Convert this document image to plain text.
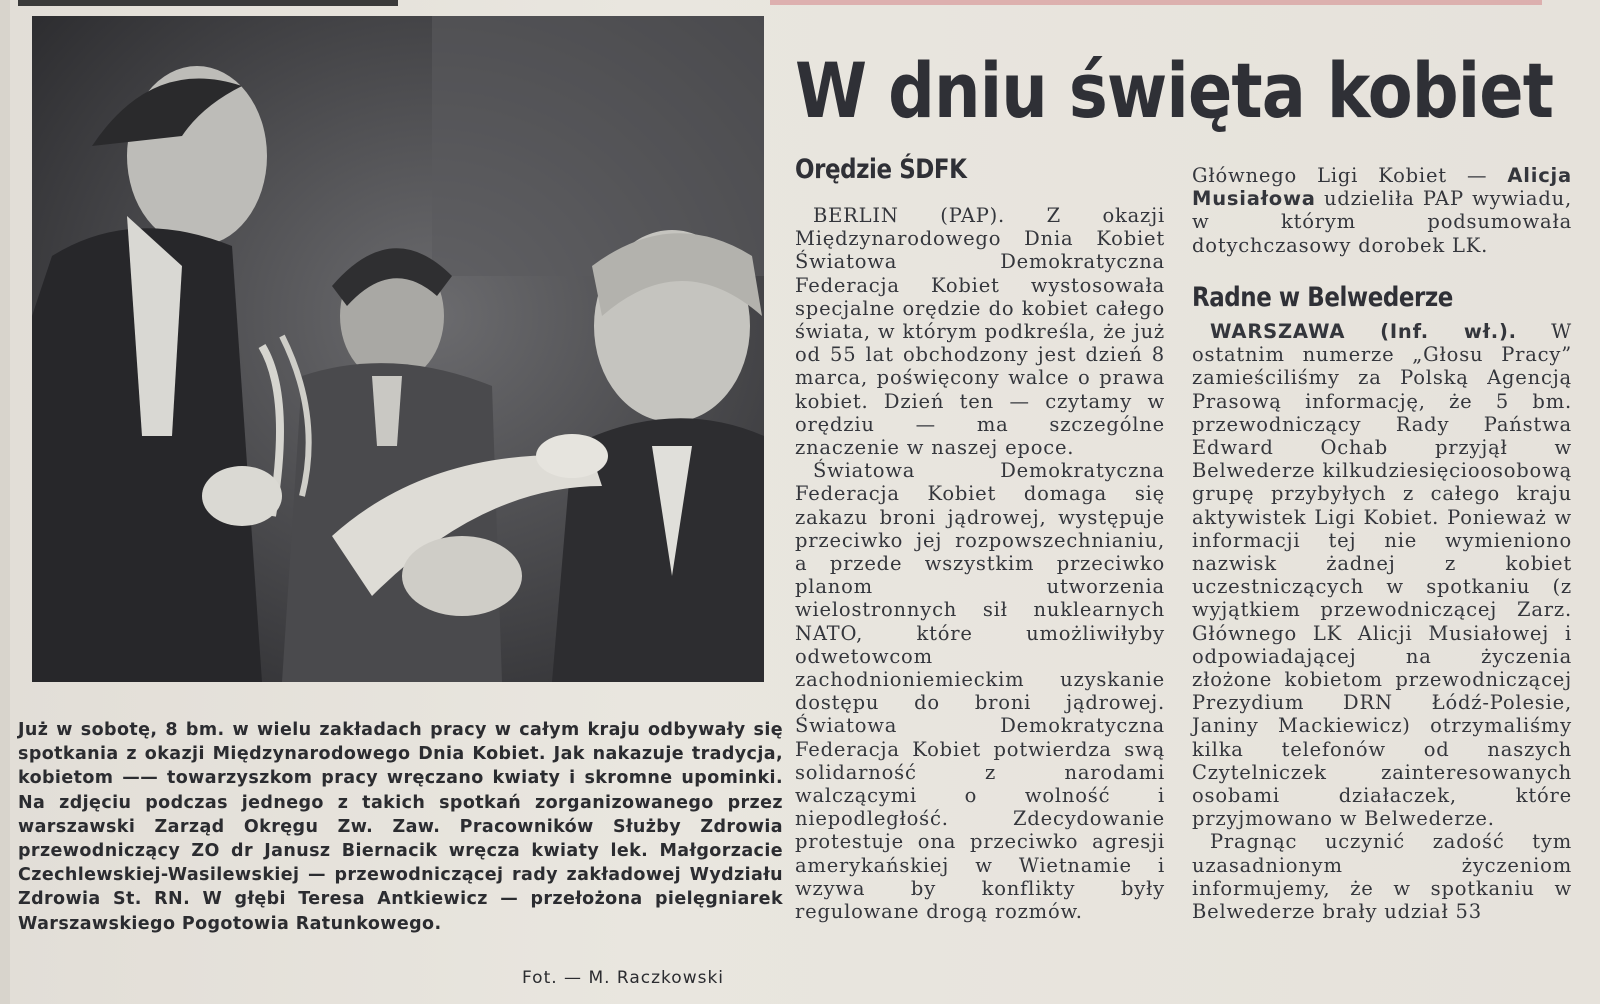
Już w sobotę, 8 bm. w wielu zakładach pracy w całym kraju odbywały się spotkania z okazji Międzynarodowego Dnia Kobiet. Jak nakazuje tradycja, kobietom —— towarzyszkom pracy wręczano kwiaty i skromne upominki. Na zdjęciu podczas jednego z takich spotkań zorganizowanego przez warszawski Zarząd Okręgu Zw. Zaw. Pracowników Służby Zdrowia przewodniczący ZO dr Janusz Biernacik wręcza kwiaty lek. Małgorzacie Czechlewskiej-Wasilewskiej — przewodniczącej rady zakładowej Wydziału Zdrowia St. RN. W głębi Teresa Antkiewicz — przełożona pielęgniarek Warszawskiego Pogotowia Ratunkowego.
Fot. — M. Raczkowski
W dniu święta kobiet
Orędzie ŚDFK

BERLIN (PAP). Z okazji Międzynarodowego Dnia Kobiet Światowa Demokratyczna Federacja Kobiet wystosowała specjalne orędzie do kobiet całego świata, w którym podkreśla, że już od 55 lat obchodzony jest dzień 8 marca, poświęcony walce o prawa kobiet. Dzień ten — czytamy w orędziu — ma szczególne znaczenie w naszej epoce.

Światowa Demokratyczna Federacja Kobiet domaga się zakazu broni jądrowej, występuje przeciwko jej rozpowszechnianiu, a przede wszystkim przeciwko planom utworzenia wielostronnych sił nuklearnych NATO, które umożliwiłyby odwetowcom zachodnioniemieckim uzyskanie dostępu do broni jądrowej. Światowa Demokratyczna Federacja Kobiet potwierdza swą solidarność z narodami walczącymi o wolność i niepodległość. Zdecydowanie protestuje ona przeciwko agresji amerykańskiej w Wietnamie i wzywa by konflikty były regulowane drogą rozmów.

Głównego Ligi Kobiet — Alicja Musiałowa udzieliła PAP wywiadu, w którym podsumowała dotychczasowy dorobek LK.

Radne w Belwederze

WARSZAWA (Inf. wł.). W ostatnim numerze „Głosu Pracy” zamieściliśmy za Polską Agencją Prasową informację, że 5 bm. przewodniczący Rady Państwa Edward Ochab przyjął w Belwederze kilkudziesięcioosobową grupę przybyłych z całego kraju aktywistek Ligi Kobiet. Ponieważ w informacji tej nie wymieniono nazwisk żadnej z kobiet uczestniczących w spotkaniu (z wyjątkiem przewodniczącej Zarz. Głównego LK Alicji Musiałowej i odpowiadającej na życzenia złożone kobietom przewodniczącej Prezydium DRN Łódź-Polesie, Janiny Mackiewicz) otrzymaliśmy kilka telefonów od naszych Czytelniczek zainteresowanych osobami działaczek, które przyjmowano w Belwederze.

Pragnąc uczynić zadość tym uzasadnionym życzeniom informujemy, że w spotkaniu w Belwederze brały udział 53
